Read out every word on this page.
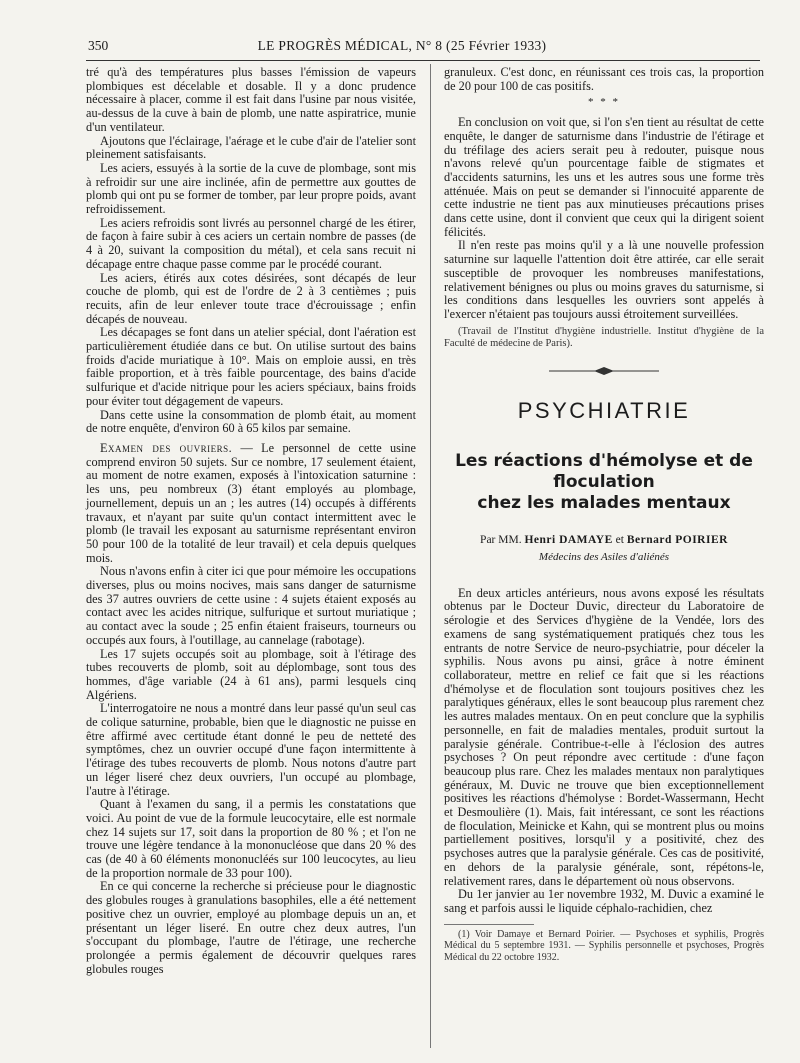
350	LE PROGRÈS MÉDICAL, N° 8 (25 Février 1933)

tré qu'à des températures plus basses l'émission de vapeurs plombiques est décelable et dosable. Il y a donc prudence nécessaire à placer, comme il est fait dans l'usine par nous visitée, au-dessus de la cuve à bain de plomb, une natte aspiratrice, munie d'un ventilateur.

Ajoutons que l'éclairage, l'aérage et le cube d'air de l'atelier sont pleinement satisfaisants.

Les aciers, essuyés à la sortie de la cuve de plombage, sont mis à refroidir sur une aire inclinée, afin de permettre aux gouttes de plomb qui ont pu se former de tomber, par leur propre poids, avant refroidissement.

Les aciers refroidis sont livrés au personnel chargé de les étirer, de façon à faire subir à ces aciers un certain nombre de passes (de 4 à 20, suivant la composition du métal), et cela sans recuit ni décapage entre chaque passe comme par le procédé courant.

Les aciers, étirés aux cotes désirées, sont décapés de leur couche de plomb, qui est de l'ordre de 2 à 3 centièmes ; puis recuits, afin de leur enlever toute trace d'écrouissage ; enfin décapés de nouveau.

Les décapages se font dans un atelier spécial, dont l'aération est particulièrement étudiée dans ce but. On utilise surtout des bains froids d'acide muriatique à 10°. Mais on emploie aussi, en très faible proportion, et à très faible pourcentage, des bains d'acide sulfurique et d'acide nitrique pour les aciers spéciaux, bains froids pour éviter tout dégagement de vapeurs.

Dans cette usine la consommation de plomb était, au moment de notre enquête, d'environ 60 à 65 kilos par semaine.

Examen des ouvriers. — Le personnel de cette usine comprend environ 50 sujets. Sur ce nombre, 17 seulement étaient, au moment de notre examen, exposés à l'intoxication saturnine : les uns, peu nombreux (3) étant employés au plombage, journellement, depuis un an ; les autres (14) occupés à différents travaux, et n'ayant par suite qu'un contact intermittent avec le plomb (le travail les exposant au saturnisme représentant environ 50 pour 100 de la totalité de leur travail) et cela depuis quelques mois.

Nous n'avons enfin à citer ici que pour mémoire les occupations diverses, plus ou moins nocives, mais sans danger de saturnisme des 37 autres ouvriers de cette usine : 4 sujets étaient exposés au contact avec les acides nitrique, sulfurique et surtout muriatique ; au contact avec la soude ; 25 enfin étaient fraiseurs, tourneurs ou occupés aux fours, à l'outillage, au cannelage (rabotage).

Les 17 sujets occupés soit au plombage, soit à l'étirage des tubes recouverts de plomb, soit au déplombage, sont tous des hommes, d'âge variable (24 à 61 ans), parmi lesquels cinq Algériens.

L'interrogatoire ne nous a montré dans leur passé qu'un seul cas de colique saturnine, probable, bien que le diagnostic ne puisse en être affirmé avec certitude étant donné le peu de netteté des symptômes, chez un ouvrier occupé d'une façon intermittente à l'étirage des tubes recouverts de plomb. Nous notons d'autre part un léger liseré chez deux ouvriers, l'un occupé au plombage, l'autre à l'étirage.

Quant à l'examen du sang, il a permis les constatations que voici. Au point de vue de la formule leucocytaire, elle est normale chez 14 sujets sur 17, soit dans la proportion de 80 % ; et l'on ne trouve une légère tendance à la mononucléose que dans 20 % des cas (de 40 à 60 éléments mononucléés sur 100 leucocytes, au lieu de la proportion normale de 33 pour 100).

En ce qui concerne la recherche si précieuse pour le diagnostic des globules rouges à granulations basophiles, elle a été nettement positive chez un ouvrier, employé au plombage depuis un an, et présentant un léger liseré. En outre chez deux autres, l'un s'occupant du plombage, l'autre de l'étirage, une recherche prolongée a permis également de découvrir quelques rares globules rouges

granuleux. C'est donc, en réunissant ces trois cas, la proportion de 20 pour 100 de cas positifs.

* * *

En conclusion on voit que, si l'on s'en tient au résultat de cette enquête, le danger de saturnisme dans l'industrie de l'étirage et du tréfilage des aciers serait peu à redouter, puisque nous n'avons relevé qu'un pourcentage faible de stigmates et d'accidents saturnins, les uns et les autres sous une forme très atténuée. Mais on peut se demander si l'innocuité apparente de cette industrie ne tient pas aux minutieuses précautions prises dans cette usine, dont il convient que ceux qui la dirigent soient félicités.

Il n'en reste pas moins qu'il y a là une nouvelle profession saturnine sur laquelle l'attention doit être attirée, car elle serait susceptible de provoquer les nombreuses manifestations, relativement bénignes ou plus ou moins graves du saturnisme, si les conditions dans lesquelles les ouvriers sont appelés à l'exercer n'étaient pas toujours aussi étroitement surveillées.

(Travail de l'Institut d'hygiène industrielle. Institut d'hygiène de la Faculté de médecine de Paris).

PSYCHIATRIE
Les réactions d'hémolyse et de floculation
chez les malades mentaux
Par MM. Henri DAMAYE et Bernard POIRIER
Médecins des Asiles d'aliénés

En deux articles antérieurs, nous avons exposé les résultats obtenus par le Docteur Duvic, directeur du Laboratoire de sérologie et des Services d'hygiène de la Vendée, lors des examens de sang systématiquement pratiqués chez tous les entrants de notre Service de neuro-psychiatrie, pour déceler la syphilis. Nous avons pu ainsi, grâce à notre éminent collaborateur, mettre en relief ce fait que si les réactions d'hémolyse et de floculation sont toujours positives chez les paralytiques généraux, elles le sont beaucoup plus rarement chez les autres malades mentaux. On en peut conclure que la syphilis personnelle, en fait de maladies mentales, produit surtout la paralysie générale. Contribue-t-elle à l'éclosion des autres psychoses ? On peut répondre avec certitude : d'une façon beaucoup plus rare. Chez les malades mentaux non paralytiques généraux, M. Duvic ne trouve que bien exceptionnellement positives les réactions d'hémolyse : Bordet-Wassermann, Hecht et Desmoulière (1). Mais, fait intéressant, ce sont les réactions de floculation, Meinicke et Kahn, qui se montrent plus ou moins partiellement positives, lorsqu'il y a positivité, chez des psychoses autres que la paralysie générale. Ces cas de positivité, en dehors de la paralysie générale, sont, répétons-le, relativement rares, dans le département où nous observons.

Du 1er janvier au 1er novembre 1932, M. Duvic a examiné le sang et parfois aussi le liquide céphalo-rachidien, chez

(1) Voir Damaye et Bernard Poirier. — Psychoses et syphilis, Progrès Médical du 5 septembre 1931. — Syphilis personnelle et psychoses, Progrès Médical du 22 octobre 1932.
